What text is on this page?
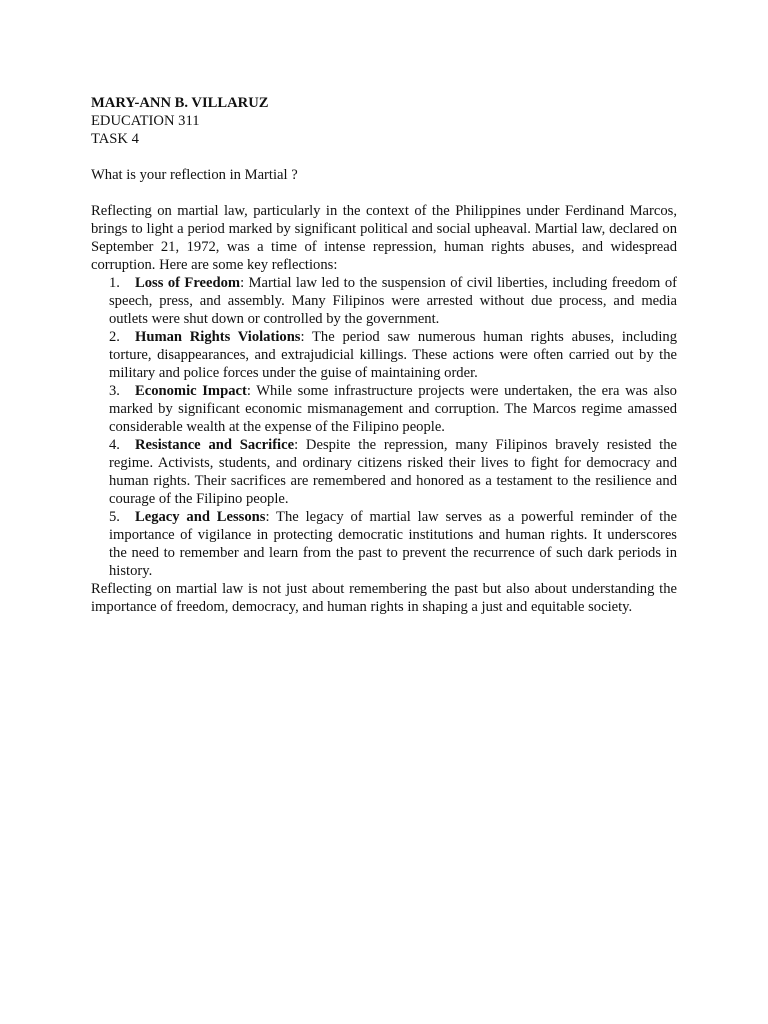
MARY-ANN B. VILLARUZ
EDUCATION 311
TASK 4
What is your reflection in Martial ?

Reflecting on martial law, particularly in the context of the Philippines under Ferdinand Marcos, brings to light a period marked by significant political and social upheaval. Martial law, declared on September 21, 1972, was a time of intense repression, human rights abuses, and widespread corruption. Here are some key reflections:

1. Loss of Freedom: Martial law led to the suspension of civil liberties, including freedom of speech, press, and assembly. Many Filipinos were arrested without due process, and media outlets were shut down or controlled by the government.
2. Human Rights Violations: The period saw numerous human rights abuses, including torture, disappearances, and extrajudicial killings. These actions were often carried out by the military and police forces under the guise of maintaining order.
3. Economic Impact: While some infrastructure projects were undertaken, the era was also marked by significant economic mismanagement and corruption. The Marcos regime amassed considerable wealth at the expense of the Filipino people.
4. Resistance and Sacrifice: Despite the repression, many Filipinos bravely resisted the regime. Activists, students, and ordinary citizens risked their lives to fight for democracy and human rights. Their sacrifices are remembered and honored as a testament to the resilience and courage of the Filipino people.
5. Legacy and Lessons: The legacy of martial law serves as a powerful reminder of the importance of vigilance in protecting democratic institutions and human rights. It underscores the need to remember and learn from the past to prevent the recurrence of such dark periods in history.

Reflecting on martial law is not just about remembering the past but also about understanding the importance of freedom, democracy, and human rights in shaping a just and equitable society.
